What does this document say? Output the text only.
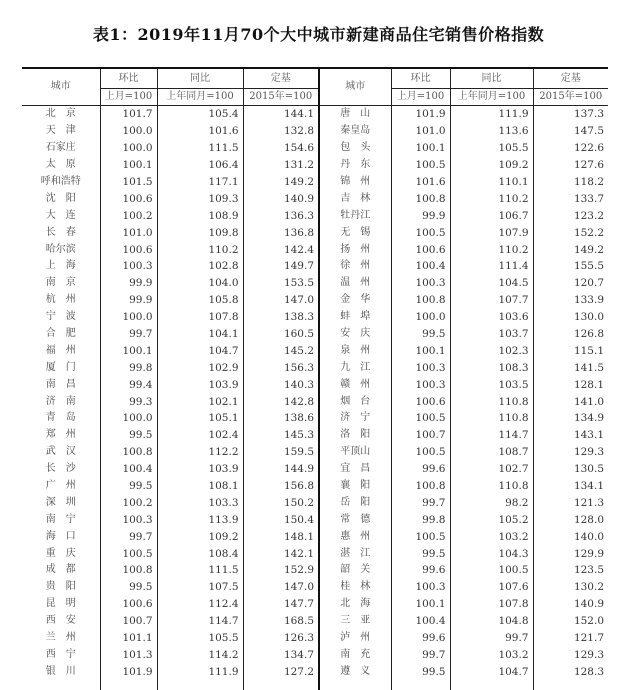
表1：2019年11月70个大中城市新建商品住宅销售价格指数
城市	环比	同比	定基	城市	环比	同比	定基
	上月=100	上年同月=100	2015年=100		上月=100	上年同月=100	2015年=100
北　京	101.7	105.4	144.1	唐　山	101.9	111.9	137.3
天　津	100.0	101.6	132.8	秦皇岛	101.0	113.6	147.5
石家庄	100.0	111.5	154.6	包　头	100.1	105.5	122.6
太　原	100.1	106.4	131.2	丹　东	100.5	109.2	127.6
呼和浩特	101.5	117.1	149.2	锦　州	101.6	110.1	118.2
沈　阳	100.6	109.3	140.9	吉　林	100.8	110.2	133.7
大　连	100.2	108.9	136.3	牡丹江	99.9	106.7	123.2
长　春	101.0	109.8	136.8	无　锡	100.5	107.9	152.2
哈尔滨	100.6	110.2	142.4	扬　州	100.6	110.2	149.2
上　海	100.3	102.8	149.7	徐　州	100.4	111.4	155.5
南　京	99.9	104.0	153.5	温　州	100.3	104.5	120.7
杭　州	99.9	105.8	147.0	金　华	100.8	107.7	133.9
宁　波	100.0	107.8	138.3	蚌　埠	100.0	103.6	130.0
合　肥	99.7	104.1	160.5	安　庆	99.5	103.7	126.8
福　州	100.1	104.7	145.2	泉　州	100.1	102.3	115.1
厦　门	99.8	102.9	156.3	九　江	100.3	108.3	141.5
南　昌	99.4	103.9	140.3	赣　州	100.3	103.5	128.1
济　南	99.3	102.1	142.8	烟　台	100.6	110.8	141.0
青　岛	100.0	105.1	138.6	济　宁	100.5	110.8	134.9
郑　州	99.5	102.4	145.3	洛　阳	100.7	114.7	143.1
武　汉	100.8	112.2	159.5	平顶山	100.5	108.7	129.3
长　沙	100.4	103.9	144.9	宜　昌	99.6	102.7	130.5
广　州	99.5	108.1	156.8	襄　阳	100.8	110.8	134.1
深　圳	100.2	103.3	150.2	岳　阳	99.7	98.2	121.3
南　宁	100.3	113.9	150.4	常　德	99.8	105.2	128.0
海　口	99.7	109.2	148.1	惠　州	100.5	103.2	140.0
重　庆	100.5	108.4	142.1	湛　江	99.5	104.3	129.9
成　都	100.8	111.5	152.9	韶　关	99.6	100.5	123.5
贵　阳	99.5	107.5	147.0	桂　林	100.3	107.6	130.2
昆　明	100.6	112.4	147.7	北　海	100.1	107.8	140.9
西　安	100.7	114.7	168.5	三　亚	100.4	104.8	152.0
兰　州	101.1	105.5	126.3	泸　州	99.6	99.7	121.7
西　宁	101.3	114.2	134.7	南　充	99.7	103.2	129.3
银　川	101.9	111.9	127.2	遵　义	99.5	104.7	128.3
